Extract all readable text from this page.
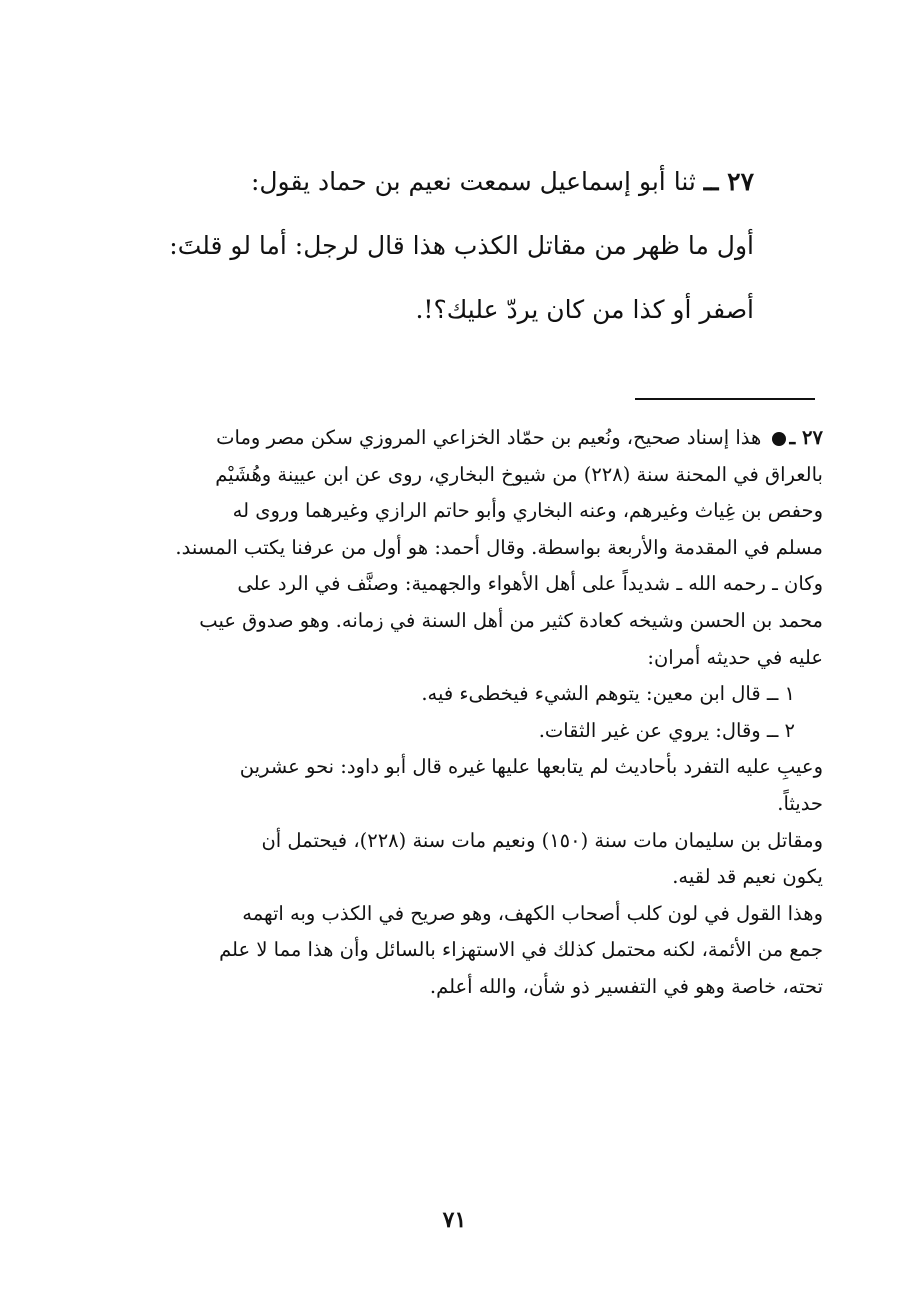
٢٧ ــ ثنا أبو إسماعيل سمعت نعيم بن حماد يقول:
أول ما ظهر من مقاتل الكذب هذا قال لرجل: أما لو قلتَ:
أصفر أو كذا من كان يردّ عليك؟!.
٢٧ ـ هذا إسناد صحيح، ونُعيم بن حمّاد الخزاعي المروزي سكن مصر ومات
بالعراق في المحنة سنة (٢٢٨) من شيوخ البخاري، روى عن ابن عيينة وهُشَيْم
وحفص بن غِياث وغيرهم، وعنه البخاري وأبو حاتم الرازي وغيرهما وروى له
مسلم في المقدمة والأربعة بواسطة. وقال أحمد: هو أول من عرفنا يكتب المسند.
وكان ـ رحمه الله ـ شديداً على أهل الأهواء والجهمية: وصنَّف في الرد على
محمد بن الحسن وشيخه كعادة كثير من أهل السنة في زمانه. وهو صدوق عيب
عليه في حديثه أمران:
١ ــ قال ابن معين: يتوهم الشيء فيخطىء فيه.
٢ ــ وقال: يروي عن غير الثقات.
وعيبِ عليه التفرد بأحاديث لم يتابعها عليها غيره قال أبو داود: نحو عشرين
حديثاً.
ومقاتل بن سليمان مات سنة (١٥٠) ونعيم مات سنة (٢٢٨)، فيحتمل أن
يكون نعيم قد لقيه.
وهذا القول في لون كلب أصحاب الكهف، وهو صريح في الكذب وبه اتهمه
جمع من الأئمة، لكنه محتمل كذلك في الاستهزاء بالسائل وأن هذا مما لا علم
تحته، خاصة وهو في التفسير ذو شأن، والله أعلم.
٧١
